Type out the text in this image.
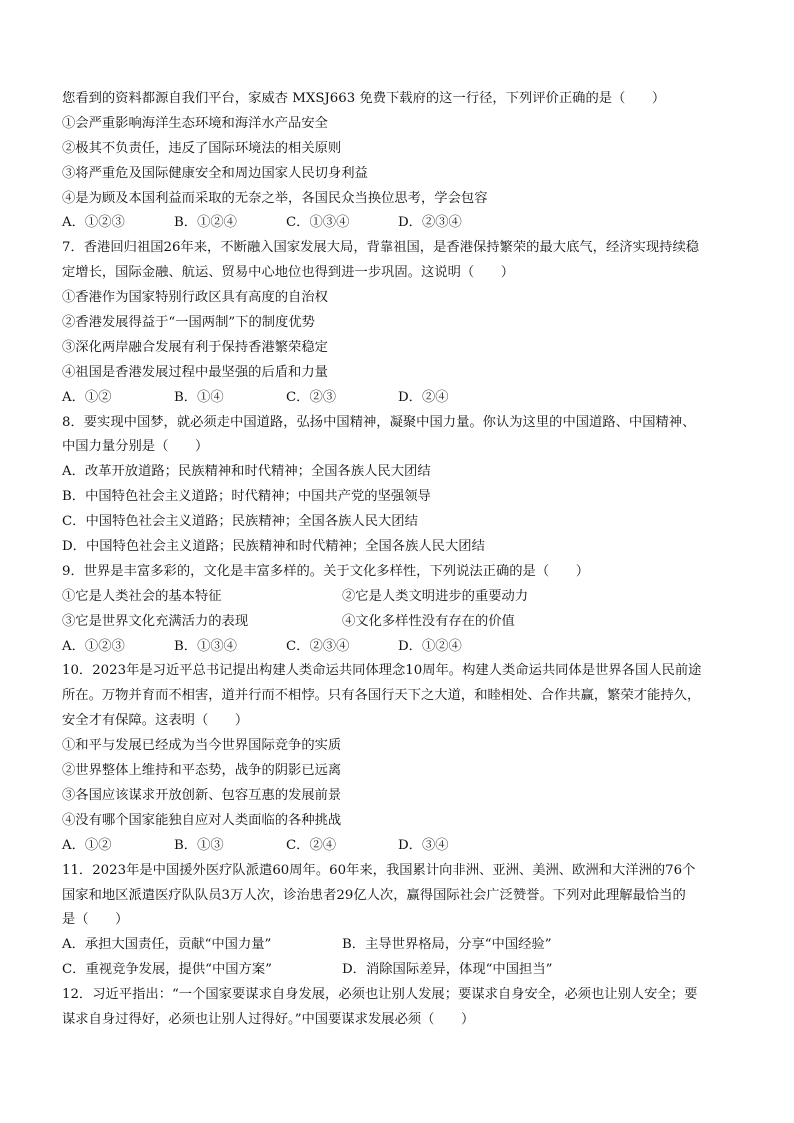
您看到的资料都源自我们平台，家威杏 MXSJ663 免费下载府的这一行径，下列评价正确的是（　　）
①会严重影响海洋生态环境和海洋水产品安全
②极其不负责任，违反了国际环境法的相关原则
③将严重危及国际健康安全和周边国家人民切身利益
④是为顾及本国利益而采取的无奈之举，各国民众当换位思考，学会包容
A．①②③	B．①②④	C．①③④	D．②③④
7．香港回归祖国26年来，不断融入国家发展大局，背靠祖国，是香港保持繁荣的最大底气，经济实现持续稳
定增长，国际金融、航运、贸易中心地位也得到进一步巩固。这说明（　　）
①香港作为国家特别行政区具有高度的自治权
②香港发展得益于“一国两制”下的制度优势
③深化两岸融合发展有利于保持香港繁荣稳定
④祖国是香港发展过程中最坚强的后盾和力量
A．①②	B．①④	C．②③	D．②④
8．要实现中国梦，就必须走中国道路，弘扬中国精神，凝聚中国力量。你认为这里的中国道路、中国精神、
中国力量分别是（　　）
A．改革开放道路；民族精神和时代精神；全国各族人民大团结
B．中国特色社会主义道路；时代精神；中国共产党的坚强领导
C．中国特色社会主义道路；民族精神；全国各族人民大团结
D．中国特色社会主义道路；民族精神和时代精神；全国各族人民大团结
9．世界是丰富多彩的，文化是丰富多样的。关于文化多样性，下列说法正确的是（　　）
①它是人类社会的基本特征	②它是人类文明进步的重要动力
③它是世界文化充满活力的表现	④文化多样性没有存在的价值
A．①②③	B．①③④	C．②③④	D．①②④
10．2023年是习近平总书记提出构建人类命运共同体理念10周年。构建人类命运共同体是世界各国人民前途
所在。万物并育而不相害，道并行而不相悖。只有各国行天下之大道，和睦相处、合作共赢，繁荣才能持久，
安全才有保障。这表明（　　）
①和平与发展已经成为当今世界国际竞争的实质
②世界整体上维持和平态势，战争的阴影已远离
③各国应该谋求开放创新、包容互惠的发展前景
④没有哪个国家能独自应对人类面临的各种挑战
A．①②	B．①③	C．②④	D．③④
11．2023年是中国援外医疗队派遣60周年。60年来，我国累计向非洲、亚洲、美洲、欧洲和大洋洲的76个
国家和地区派遣医疗队队员3万人次，诊治患者29亿人次，赢得国际社会广泛赞誉。下列对此理解最恰当的
是（　　）
A．承担大国责任，贡献“中国力量”	B．主导世界格局，分享“中国经验”
C．重视竞争发展，提供“中国方案”	D．消除国际差异，体现“中国担当”
12．习近平指出：“一个国家要谋求自身发展，必须也让别人发展；要谋求自身安全，必须也让别人安全；要
谋求自身过得好，必须也让别人过得好。”中国要谋求发展必须（　　）
